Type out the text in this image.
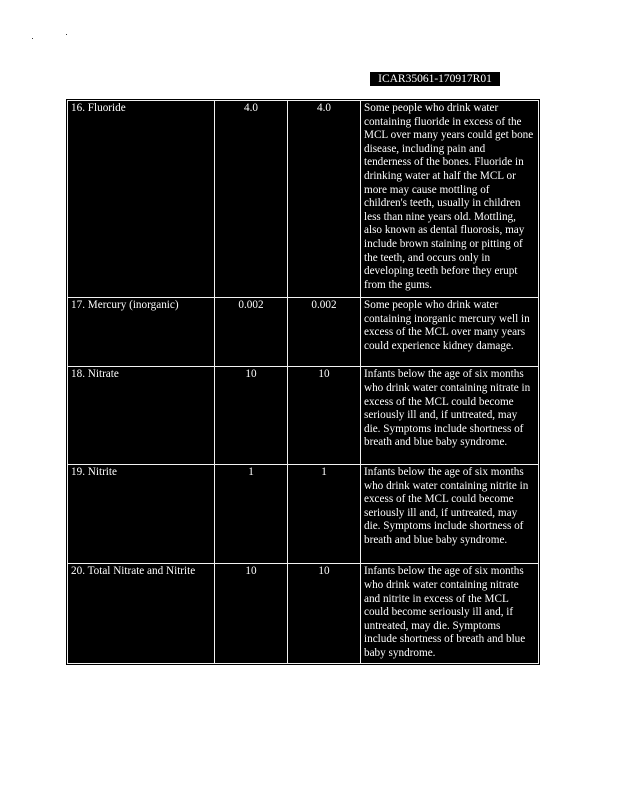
ICAR35061-170917R01
16. Fluoride	4.0	4.0	Some people who drink water containing fluoride in excess of the MCL over many years could get bone disease, including pain and tenderness of the bones. Fluoride in drinking water at half the MCL or more may cause mottling of children's teeth, usually in children less than nine years old. Mottling, also known as dental fluorosis, may include brown staining or pitting of the teeth, and occurs only in developing teeth before they erupt from the gums.
17. Mercury (inorganic)	0.002	0.002	Some people who drink water containing inorganic mercury well in excess of the MCL over many years could experience kidney damage.
18. Nitrate	10	10	Infants below the age of six months who drink water containing nitrate in excess of the MCL could become seriously ill and, if untreated, may die. Symptoms include shortness of breath and blue baby syndrome.
19. Nitrite	1	1	Infants below the age of six months who drink water containing nitrite in excess of the MCL could become seriously ill and, if untreated, may die. Symptoms include shortness of breath and blue baby syndrome.
20. Total Nitrate and Nitrite	10	10	Infants below the age of six months who drink water containing nitrate and nitrite in excess of the MCL could become seriously ill and, if untreated, may die. Symptoms include shortness of breath and blue baby syndrome.
